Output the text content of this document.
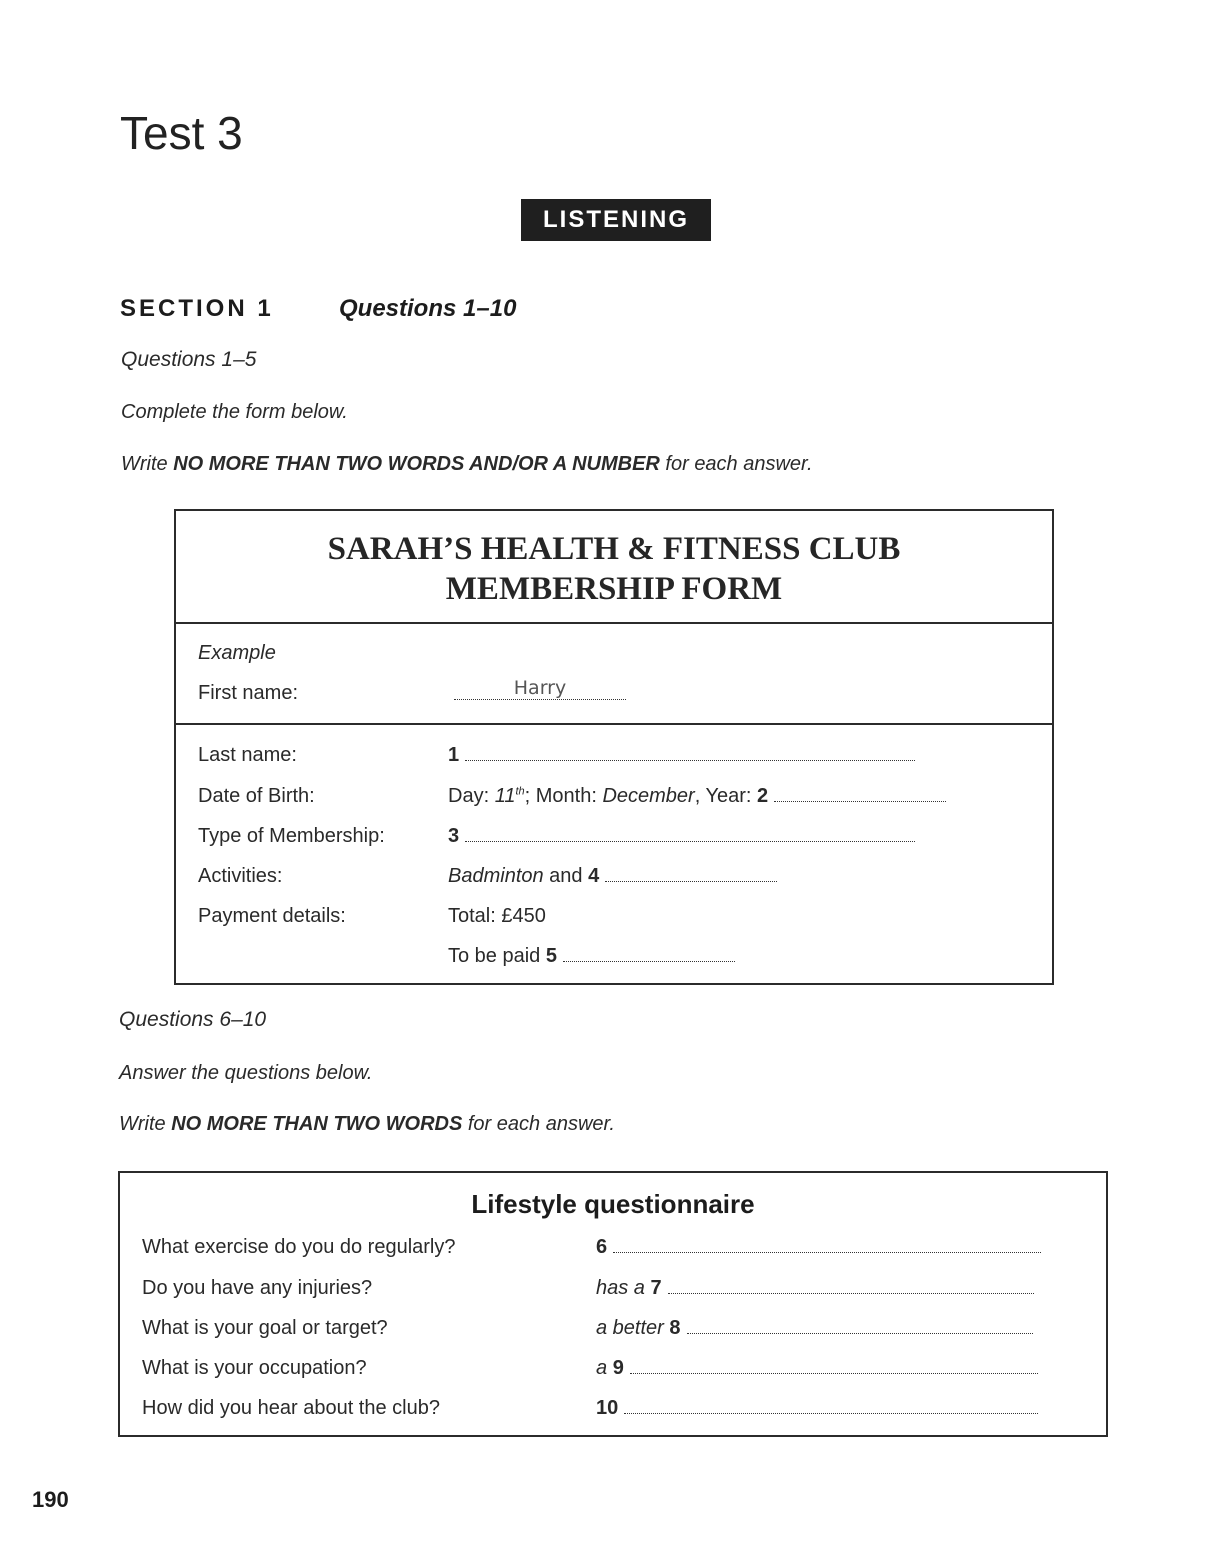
Test 3
LISTENING
SECTION 1	Questions 1–10
Questions 1–5
Complete the form below.
Write NO MORE THAN TWO WORDS AND/OR A NUMBER for each answer.
SARAH’S HEALTH & FITNESS CLUB
MEMBERSHIP FORM
Example
First name:	Harry
Last name:	1
Date of Birth:	Day: 11th; Month: December, Year: 2
Type of Membership:	3
Activities:	Badminton and 4
Payment details:	Total: £450
To be paid 5
Questions 6–10
Answer the questions below.
Write NO MORE THAN TWO WORDS for each answer.
Lifestyle questionnaire
What exercise do you do regularly?	6
Do you have any injuries?	has a 7
What is your goal or target?	a better 8
What is your occupation?	a 9
How did you hear about the club?	10
190
